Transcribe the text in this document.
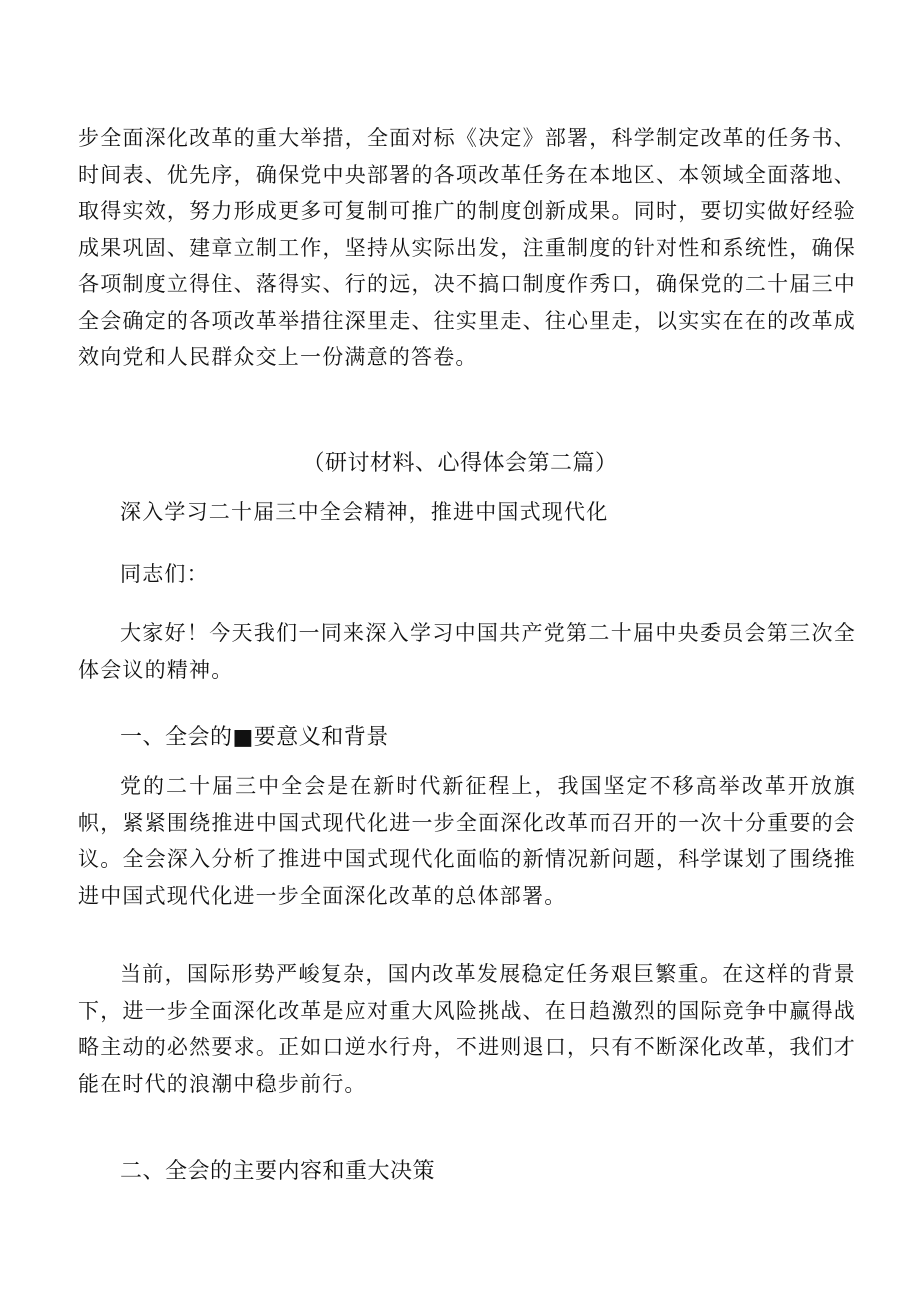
步全面深化改革的重大举措，全面对标《决定》部署，科学制定改革的任务书、时间表、优先序，确保党中央部署的各项改革任务在本地区、本领域全面落地、取得实效，努力形成更多可复制可推广的制度创新成果。同时，要切实做好经验成果巩固、建章立制工作，坚持从实际出发，注重制度的针对性和系统性，确保各项制度立得住、落得实、行的远，决不搞口制度作秀口，确保党的二十届三中全会确定的各项改革举措往深里走、往实里走、往心里走，以实实在在的改革成效向党和人民群众交上一份满意的答卷。

（研讨材料、心得体会第二篇）

深入学习二十届三中全会精神，推进中国式现代化

同志们：

大家好！今天我们一同来深入学习中国共产党第二十届中央委员会第三次全体会议的精神。

一、全会的■要意义和背景

党的二十届三中全会是在新时代新征程上，我国坚定不移高举改革开放旗帜，紧紧围绕推进中国式现代化进一步全面深化改革而召开的一次十分重要的会议。全会深入分析了推进中国式现代化面临的新情况新问题，科学谋划了围绕推进中国式现代化进一步全面深化改革的总体部署。

当前，国际形势严峻复杂，国内改革发展稳定任务艰巨繁重。在这样的背景下，进一步全面深化改革是应对重大风险挑战、在日趋激烈的国际竞争中赢得战略主动的必然要求。正如口逆水行舟，不进则退口，只有不断深化改革，我们才能在时代的浪潮中稳步前行。

二、全会的主要内容和重大决策
